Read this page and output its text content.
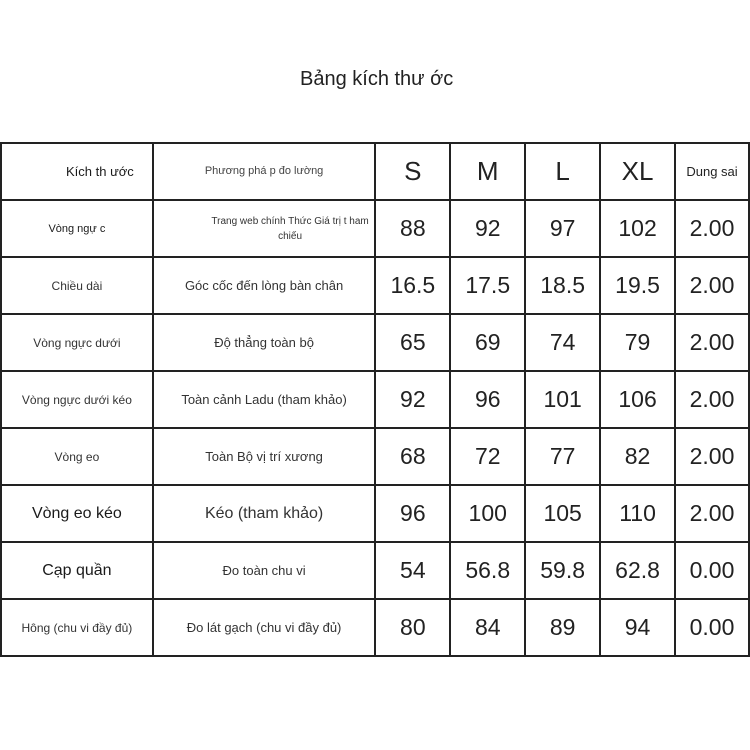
Bảng kích thư ớc
Kích th ước	Phương phá p đo lường	S	M	L	XL	Dung sai
Vòng ngự c	Trang web chính Thức Giá trị t ham chiếu	88	92	97	102	2.00
Chiều dài	Góc cốc đến lòng bàn chân	16.5	17.5	18.5	19.5	2.00
Vòng ngực dưới	Độ thẳng toàn bộ	65	69	74	79	2.00
Vòng ngực dưới kéo	Toàn cảnh Ladu (tham khảo)	92	96	101	106	2.00
Vòng eo	Toàn Bộ vị trí xương	68	72	77	82	2.00
Vòng eo kéo	Kéo (tham khảo)	96	100	105	110	2.00
Cạp quần	Đo toàn chu vi	54	56.8	59.8	62.8	0.00
Hông (chu vi đầy đủ)	Đo lát gạch (chu vi đầy đủ)	80	84	89	94	0.00
